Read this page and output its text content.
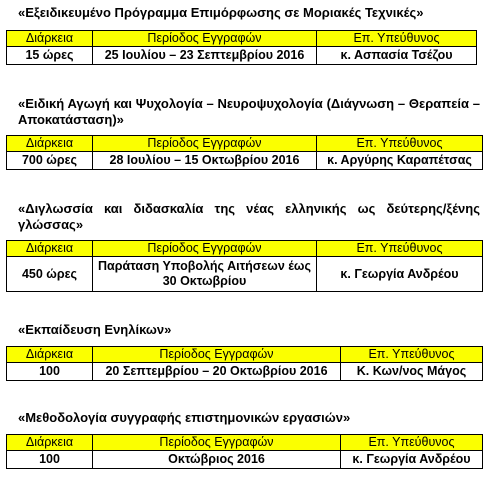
«Εξειδικευμένο Πρόγραμμα Επιμόρφωσης σε Μοριακές Τεχνικές»
Διάρκεια	Περίοδος Εγγραφών	Επ. Υπεύθυνος
15 ώρες	25 Ιουλίου – 23 Σεπτεμβρίου 2016	κ. Ασπασία Τσέζου
«Ειδική Αγωγή και Ψυχολογία – Νευροψυχολογία (Διάγνωση – Θεραπεία – Αποκατάσταση)»
Διάρκεια	Περίοδος Εγγραφών	Επ. Υπεύθυνος
700 ώρες	28 Ιουλίου – 15 Οκτωβρίου 2016	κ. Αργύρης Καραπέτσας
«Διγλωσσία και διδασκαλία της νέας ελληνικής ως δεύτερης/ξένης γλώσσας»
Διάρκεια	Περίοδος Εγγραφών	Επ. Υπεύθυνος
450 ώρες	Παράταση Υποβολής Αιτήσεων έως 30 Οκτωβρίου	κ. Γεωργία Ανδρέου
«Εκπαίδευση Ενηλίκων»
Διάρκεια	Περίοδος Εγγραφών	Επ. Υπεύθυνος
100	20 Σεπτεμβρίου – 20 Οκτωβρίου 2016	Κ. Κων/νος Μάγος
«Μεθοδολογία συγγραφής επιστημονικών εργασιών»
Διάρκεια	Περίοδος Εγγραφών	Επ. Υπεύθυνος
100	Οκτώβριος 2016	κ. Γεωργία Ανδρέου
